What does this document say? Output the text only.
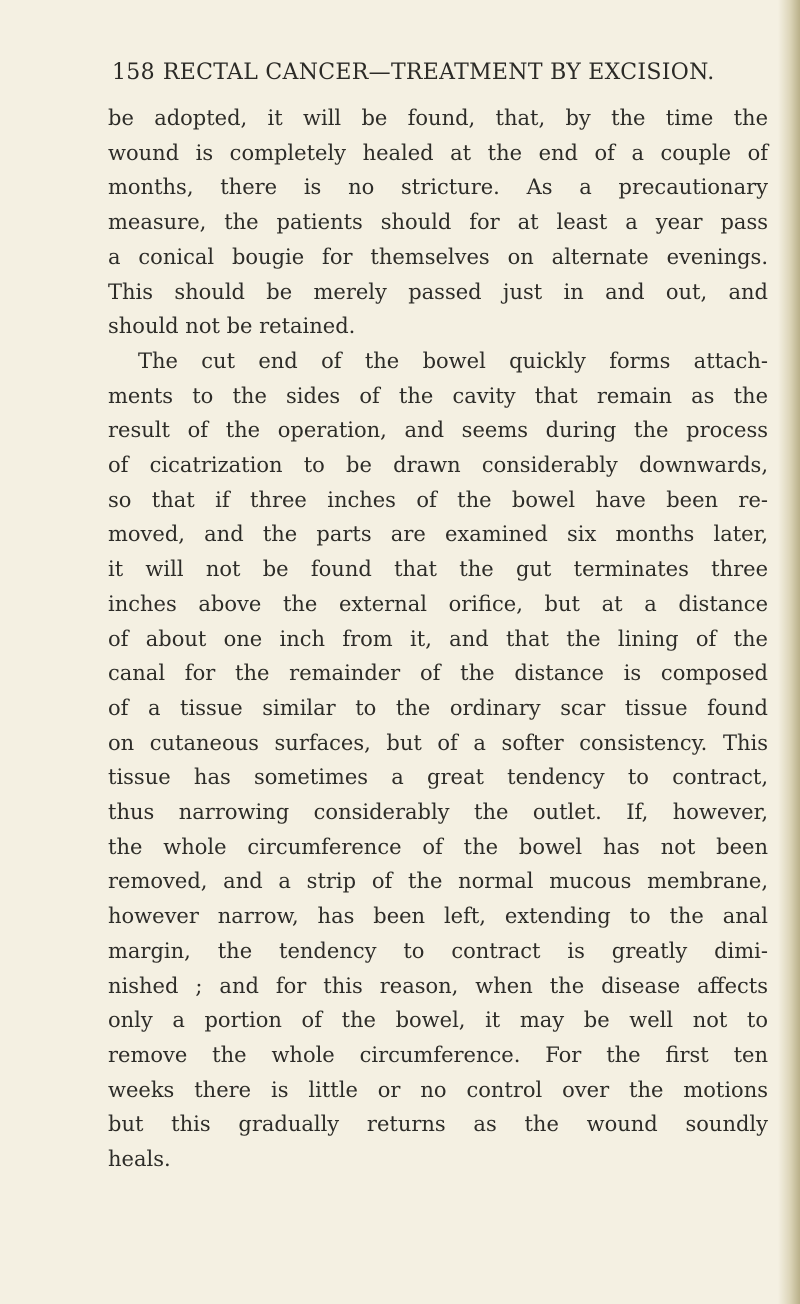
158 RECTAL CANCER—TREATMENT BY EXCISION.
be adopted, it will be found, that, by the time the
wound is completely healed at the end of a couple of
months, there is no stricture. As a precautionary
measure, the patients should for at least a year pass
a conical bougie for themselves on alternate evenings.
This should be merely passed just in and out, and
should not be retained.
The cut end of the bowel quickly forms attach-
ments to the sides of the cavity that remain as the
result of the operation, and seems during the process
of cicatrization to be drawn considerably downwards,
so that if three inches of the bowel have been re-
moved, and the parts are examined six months later,
it will not be found that the gut terminates three
inches above the external orifice, but at a distance
of about one inch from it, and that the lining of the
canal for the remainder of the distance is composed
of a tissue similar to the ordinary scar tissue found
on cutaneous surfaces, but of a softer consistency. This
tissue has sometimes a great tendency to contract,
thus narrowing considerably the outlet. If, however,
the whole circumference of the bowel has not been
removed, and a strip of the normal mucous membrane,
however narrow, has been left, extending to the anal
margin, the tendency to contract is greatly dimi-
nished ; and for this reason, when the disease affects
only a portion of the bowel, it may be well not to
remove the whole circumference. For the first ten
weeks there is little or no control over the motions
but this gradually returns as the wound soundly
heals.
